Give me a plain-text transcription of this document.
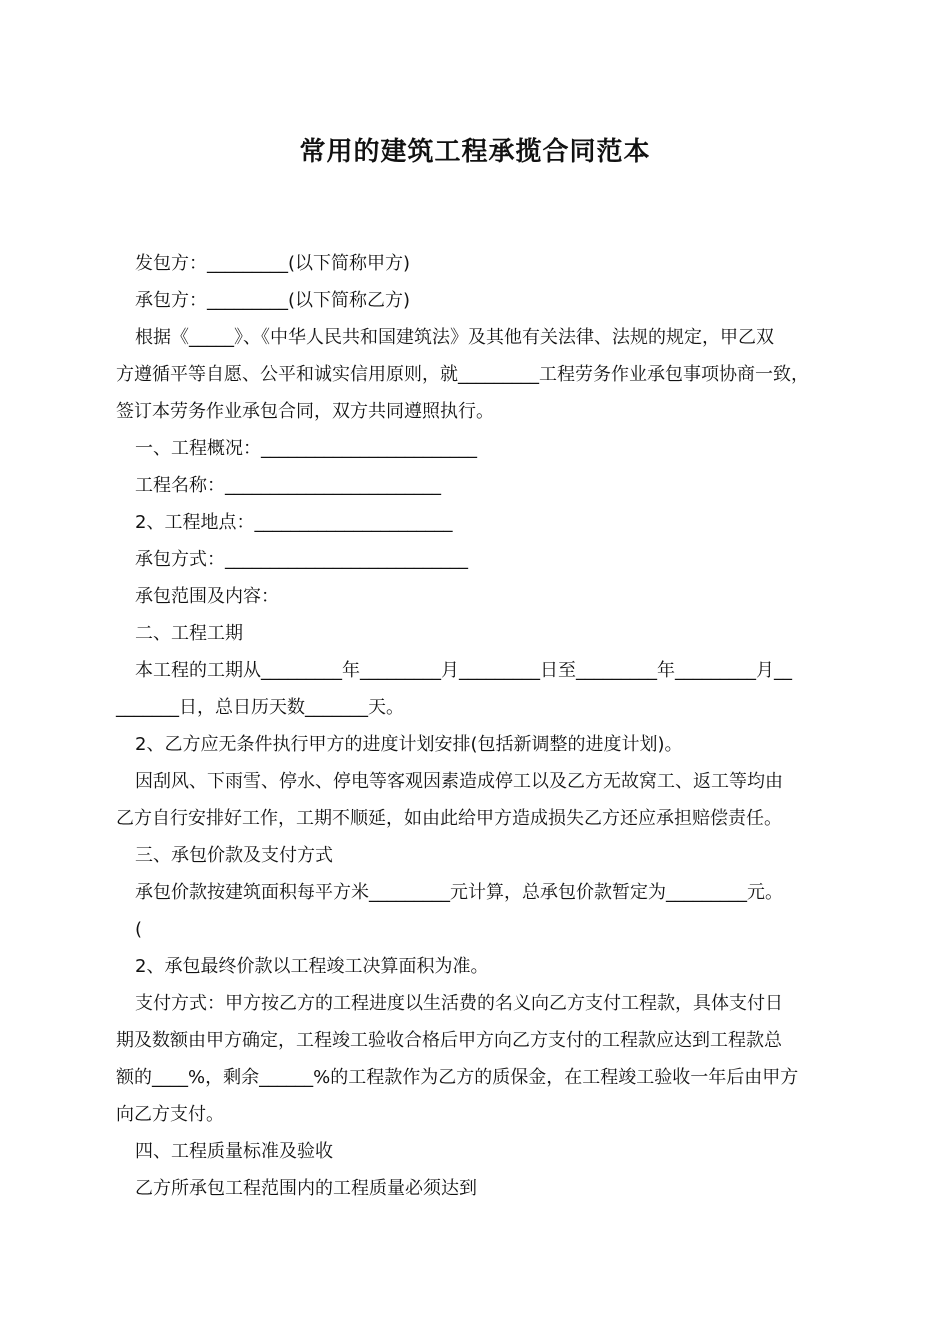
常用的建筑工程承揽合同范本
发包方：_________(以下简称甲方)
承包方：_________(以下简称乙方)
根据《_____》、《中华人民共和国建筑法》及其他有关法律、法规的规定，甲乙双
方遵循平等自愿、公平和诚实信用原则，就_________工程劳务作业承包事项协商一致，
签订本劳务作业承包合同，双方共同遵照执行。
一、工程概况：________________________
工程名称：________________________
2、工程地点：______________________
承包方式：___________________________
承包范围及内容：
二、工程工期
本工程的工期从_________年_________月_________日至_________年_________月__
_______日，总日历天数_______天。
2、乙方应无条件执行甲方的进度计划安排(包括新调整的进度计划)。
因刮风、下雨雪、停水、停电等客观因素造成停工以及乙方无故窝工、返工等均由
乙方自行安排好工作，工期不顺延，如由此给甲方造成损失乙方还应承担赔偿责任。
三、承包价款及支付方式
承包价款按建筑面积每平方米_________元计算，总承包价款暂定为_________元。
(
2、承包最终价款以工程竣工决算面积为准。
支付方式：甲方按乙方的工程进度以生活费的名义向乙方支付工程款，具体支付日
期及数额由甲方确定，工程竣工验收合格后甲方向乙方支付的工程款应达到工程款总
额的____%，剩余______%的工程款作为乙方的质保金，在工程竣工验收一年后由甲方
向乙方支付。
四、工程质量标准及验收
乙方所承包工程范围内的工程质量必须达到
